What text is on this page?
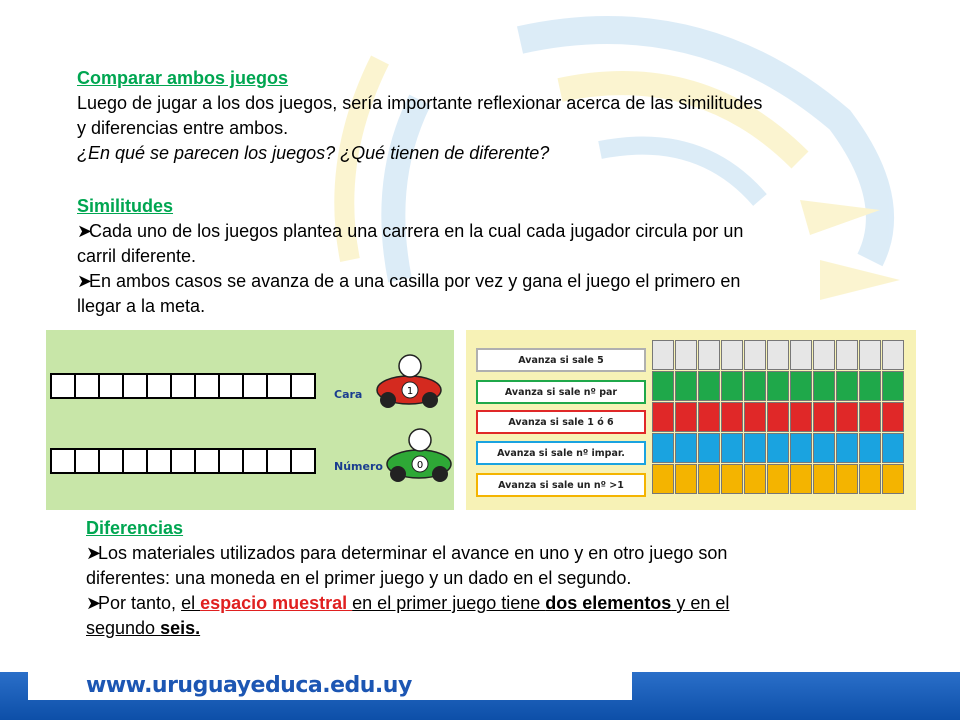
Comparar ambos juegos
Luego de jugar a los dos juegos, sería importante reflexionar acerca de las similitudes
y diferencias entre ambos.
¿En qué se parecen los juegos? ¿Qué tienen de diferente?
Similitudes
➤Cada uno de los juegos plantea una carrera en la cual cada jugador circula por un
carril diferente.
➤En ambos casos se avanza de a una casilla por vez y gana el juego el primero en
llegar a la meta.
Cara	1
Número	0
Avanza si sale 5
Avanza si sale nº par
Avanza si sale 1 ó 6
Avanza si sale nº impar.
Avanza si sale un nº >1
Diferencias
➤Los materiales utilizados para determinar el avance en uno y en otro juego son
diferentes: una moneda en el primer juego y un dado en el segundo.
➤Por tanto, el espacio muestral en el primer juego tiene dos elementos y en el
segundo seis.
www.uruguayeduca.edu.uy
